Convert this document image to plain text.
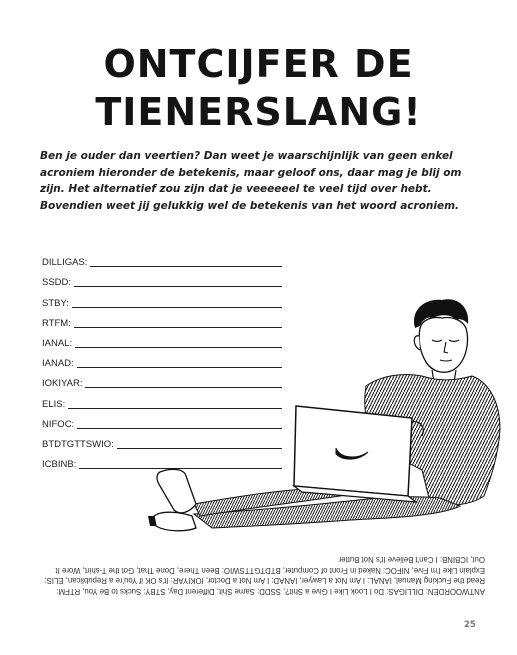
ONTCIJFER DE
TIENERSLANG!
Ben je ouder dan veertien? Dan weet je waarschijnlijk van geen enkel acroniem hieronder de betekenis, maar geloof ons, daar mag je blij om zijn. Het alternatief zou zijn dat je veeeeeel te veel tijd over hebt. Bovendien weet jij gelukkig wel de betekenis van het woord acroniem.
DILLIGAS:
SSDD:
STBY:
RTFM:
IANAL:
IANAD:
IOKIYAR:
ELIS:
NIFOC:
BTDTGTTSWIO:
ICBINB:
ANTWOORDEN: DILLIGAS: Do I Look Like I Give a Shit?, SSDD: Same Shit, Different Day, STBY: Sucks to Be You, RTFM: Read the Fucking Manual, IANAL: I Am Not a Lawyer, IANAD: I Am Not a Doctor, IOKIYAR: It's OK if You're a Republican, ELIS: Explain Like I'm Five, NIFOC: Naked in Front of Computer, BTDTGTTSWIO: Been There, Done That, Got the T-shirt, Wore It Out, ICBINB: I Can't Believe It's Not Butter
25
